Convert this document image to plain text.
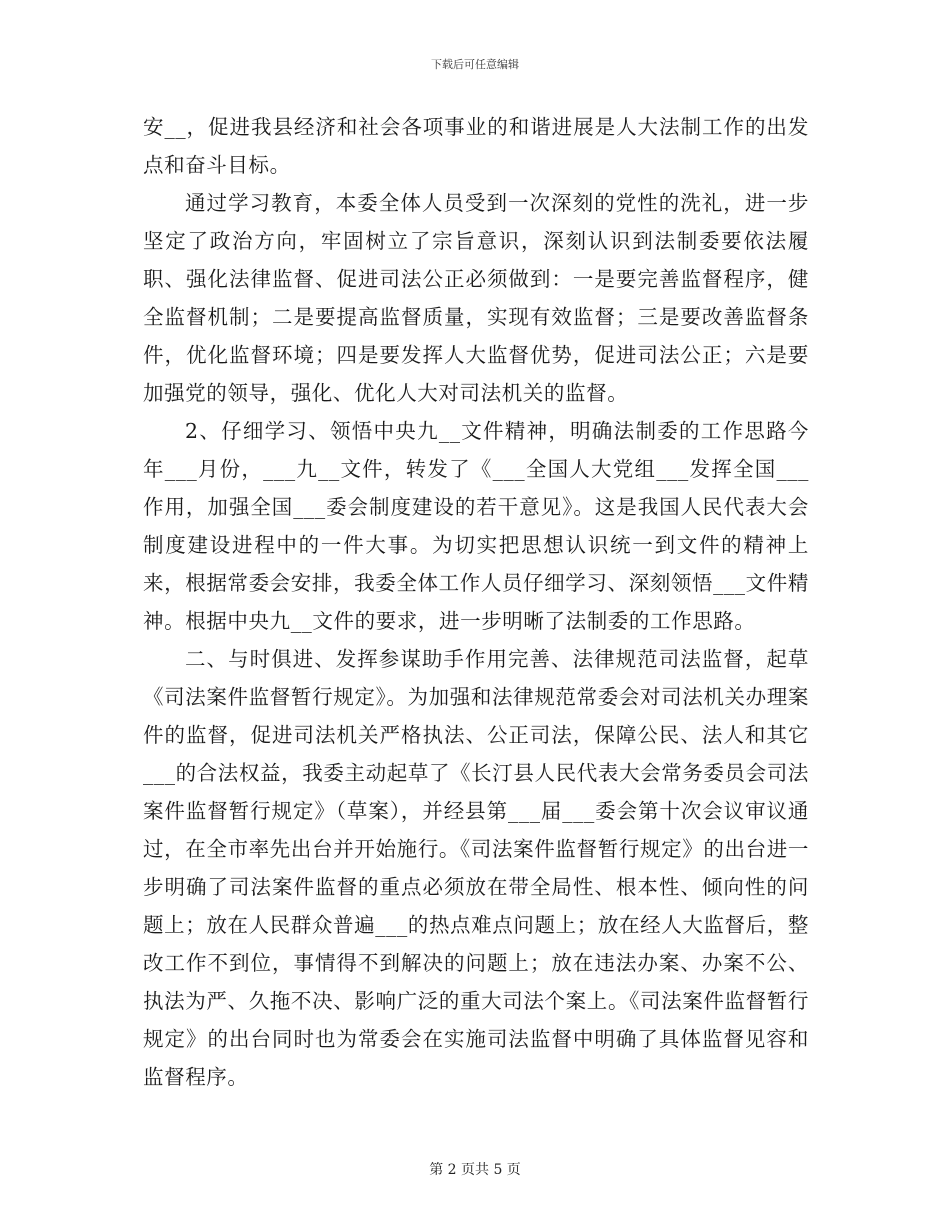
下载后可任意编辑

安__，促进我县经济和社会各项事业的和谐进展是人大法制工作的出发点和奋斗目标。

通过学习教育，本委全体人员受到一次深刻的党性的洗礼，进一步坚定了政治方向，牢固树立了宗旨意识，深刻认识到法制委要依法履职、强化法律监督、促进司法公正必须做到：一是要完善监督程序，健全监督机制；二是要提高监督质量，实现有效监督；三是要改善监督条件，优化监督环境；四是要发挥人大监督优势，促进司法公正；六是要加强党的领导，强化、优化人大对司法机关的监督。

2、仔细学习、领悟中央九__文件精神，明确法制委的工作思路今年___月份，___九__文件，转发了《___全国人大党组___发挥全国___作用，加强全国___委会制度建设的若干意见》。这是我国人民代表大会制度建设进程中的一件大事。为切实把思想认识统一到文件的精神上来，根据常委会安排，我委全体工作人员仔细学习、深刻领悟___文件精神。根据中央九__文件的要求，进一步明晰了法制委的工作思路。

二、与时俱进、发挥参谋助手作用完善、法律规范司法监督，起草《司法案件监督暂行规定》。为加强和法律规范常委会对司法机关办理案件的监督，促进司法机关严格执法、公正司法，保障公民、法人和其它___的合法权益，我委主动起草了《长汀县人民代表大会常务委员会司法案件监督暂行规定》（草案），并经县第___届___委会第十次会议审议通过，在全市率先出台并开始施行。《司法案件监督暂行规定》的出台进一步明确了司法案件监督的重点必须放在带全局性、根本性、倾向性的问题上；放在人民群众普遍___的热点难点问题上；放在经人大监督后，整改工作不到位，事情得不到解决的问题上；放在违法办案、办案不公、执法为严、久拖不决、影响广泛的重大司法个案上。《司法案件监督暂行规定》的出台同时也为常委会在实施司法监督中明确了具体监督见容和监督程序。

第 2 页共 5 页
